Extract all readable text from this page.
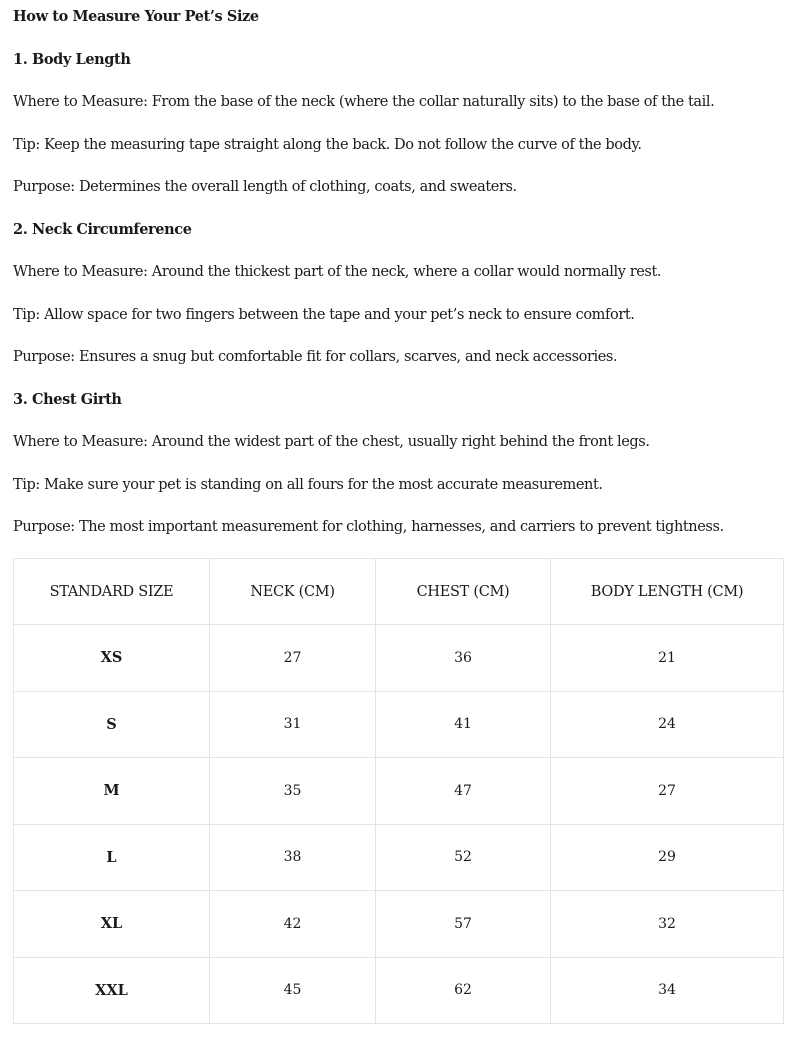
How to Measure Your Pet’s Size
1. Body Length
Where to Measure: From the base of the neck (where the collar naturally sits) to the base of the tail.
Tip: Keep the measuring tape straight along the back. Do not follow the curve of the body.
Purpose: Determines the overall length of clothing, coats, and sweaters.
2. Neck Circumference
Where to Measure: Around the thickest part of the neck, where a collar would normally rest.
Tip: Allow space for two fingers between the tape and your pet’s neck to ensure comfort.
Purpose: Ensures a snug but comfortable fit for collars, scarves, and neck accessories.
3. Chest Girth
Where to Measure: Around the widest part of the chest, usually right behind the front legs.
Tip: Make sure your pet is standing on all fours for the most accurate measurement.
Purpose: The most important measurement for clothing, harnesses, and carriers to prevent tightness.
STANDARD SIZE	NECK (CM)	CHEST (CM)	BODY LENGTH (CM)
XS	27	36	21
S	31	41	24
M	35	47	27
L	38	52	29
XL	42	57	32
XXL	45	62	34
